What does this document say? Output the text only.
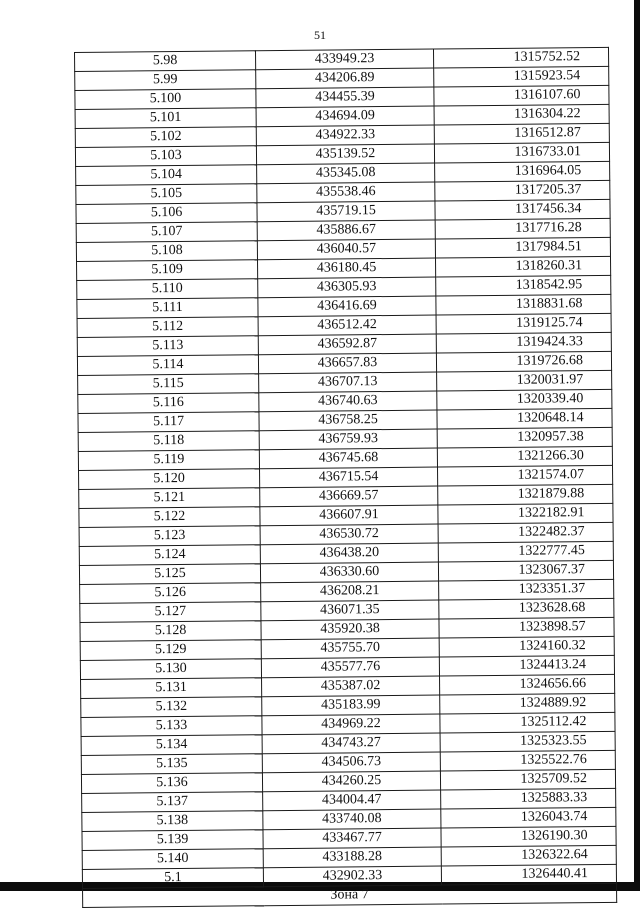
51
5.98	433949.23	1315752.52
5.99	434206.89	1315923.54
5.100	434455.39	1316107.60
5.101	434694.09	1316304.22
5.102	434922.33	1316512.87
5.103	435139.52	1316733.01
5.104	435345.08	1316964.05
5.105	435538.46	1317205.37
5.106	435719.15	1317456.34
5.107	435886.67	1317716.28
5.108	436040.57	1317984.51
5.109	436180.45	1318260.31
5.110	436305.93	1318542.95
5.111	436416.69	1318831.68
5.112	436512.42	1319125.74
5.113	436592.87	1319424.33
5.114	436657.83	1319726.68
5.115	436707.13	1320031.97
5.116	436740.63	1320339.40
5.117	436758.25	1320648.14
5.118	436759.93	1320957.38
5.119	436745.68	1321266.30
5.120	436715.54	1321574.07
5.121	436669.57	1321879.88
5.122	436607.91	1322182.91
5.123	436530.72	1322482.37
5.124	436438.20	1322777.45
5.125	436330.60	1323067.37
5.126	436208.21	1323351.37
5.127	436071.35	1323628.68
5.128	435920.38	1323898.57
5.129	435755.70	1324160.32
5.130	435577.76	1324413.24
5.131	435387.02	1324656.66
5.132	435183.99	1324889.92
5.133	434969.22	1325112.42
5.134	434743.27	1325323.55
5.135	434506.73	1325522.76
5.136	434260.25	1325709.52
5.137	434004.47	1325883.33
5.138	433740.08	1326043.74
5.139	433467.77	1326190.30
5.140	433188.28	1326322.64
5.1	432902.33	1326440.41
Зона 7		
